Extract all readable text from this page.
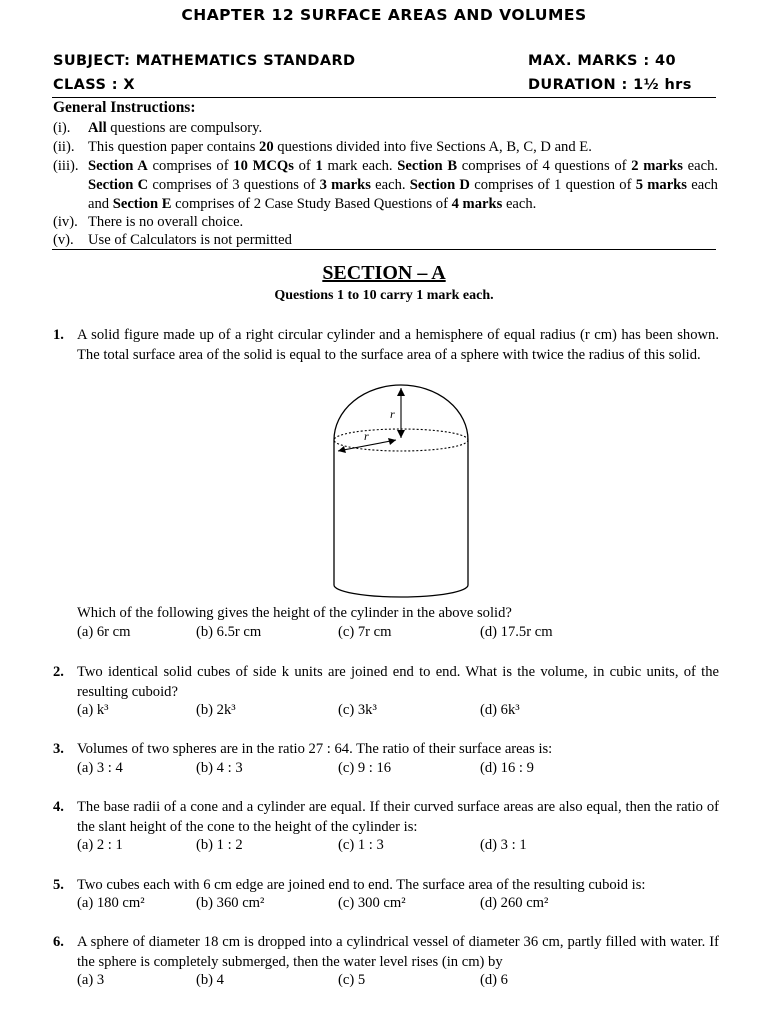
CHAPTER 12 SURFACE AREAS AND VOLUMES
SUBJECT: MATHEMATICS STANDARD	MAX. MARKS : 40
CLASS : X	DURATION : 1½ hrs
General Instructions:
(i). All questions are compulsory.
(ii). This question paper contains 20 questions divided into five Sections A, B, C, D and E.
(iii). Section A comprises of 10 MCQs of 1 mark each. Section B comprises of 4 questions of 2 marks each. Section C comprises of 3 questions of 3 marks each. Section D comprises of 1 question of 5 marks each and Section E comprises of 2 Case Study Based Questions of 4 marks each.
(iv). There is no overall choice.
(v). Use of Calculators is not permitted
SECTION – A
Questions 1 to 10 carry 1 mark each.
1. A solid figure made up of a right circular cylinder and a hemisphere of equal radius (r cm) has been shown. The total surface area of the solid is equal to the surface area of a sphere with twice the radius of this solid.
r
r
Which of the following gives the height of the cylinder in the above solid?
(a) 6r cm	(b) 6.5r cm	(c) 7r cm	(d) 17.5r cm
2. Two identical solid cubes of side k units are joined end to end. What is the volume, in cubic units, of the resulting cuboid?
(a) k³	(b) 2k³	(c) 3k³	(d) 6k³
3. Volumes of two spheres are in the ratio 27 : 64. The ratio of their surface areas is:
(a) 3 : 4	(b) 4 : 3	(c) 9 : 16	(d) 16 : 9
4. The base radii of a cone and a cylinder are equal. If their curved surface areas are also equal, then the ratio of the slant height of the cone to the height of the cylinder is:
(a) 2 : 1	(b) 1 : 2	(c) 1 : 3	(d) 3 : 1
5. Two cubes each with 6 cm edge are joined end to end. The surface area of the resulting cuboid is:
(a) 180 cm²	(b) 360 cm²	(c) 300 cm²	(d) 260 cm²
6. A sphere of diameter 18 cm is dropped into a cylindrical vessel of diameter 36 cm, partly filled with water. If the sphere is completely submerged, then the water level rises (in cm) by
(a) 3	(b) 4	(c) 5	(d) 6
